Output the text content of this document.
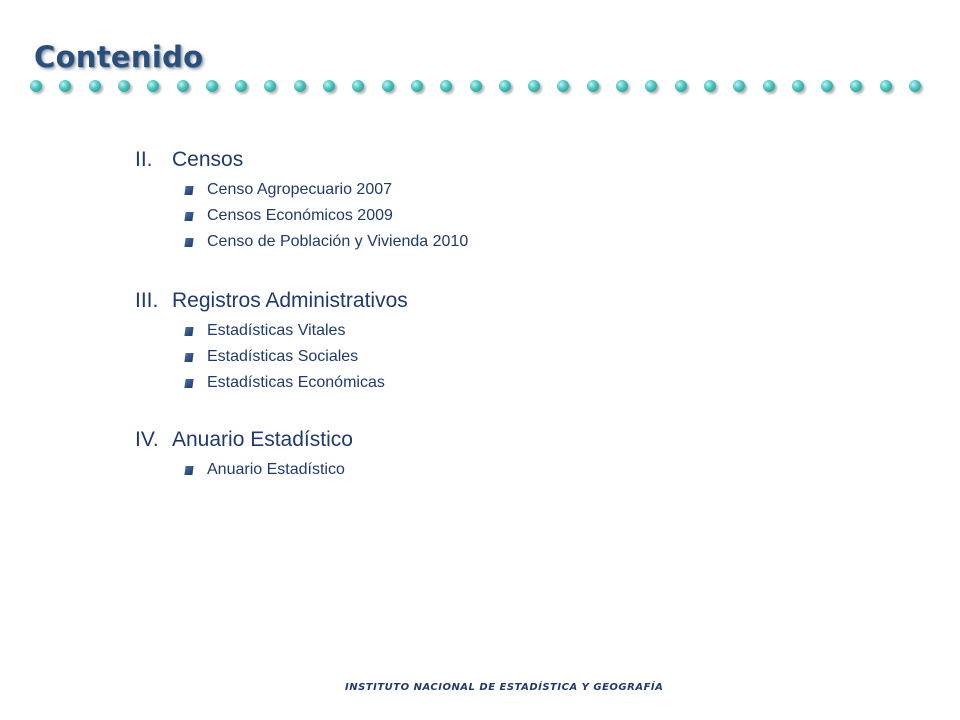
Contenido
II. Censos
Censo Agropecuario 2007
Censos Económicos 2009
Censo de Población y Vivienda 2010
III. Registros Administrativos
Estadísticas Vitales
Estadísticas Sociales
Estadísticas Económicas
IV. Anuario Estadístico
Anuario Estadístico
INSTITUTO NACIONAL DE ESTADÍSTICA Y GEOGRAFÍA
